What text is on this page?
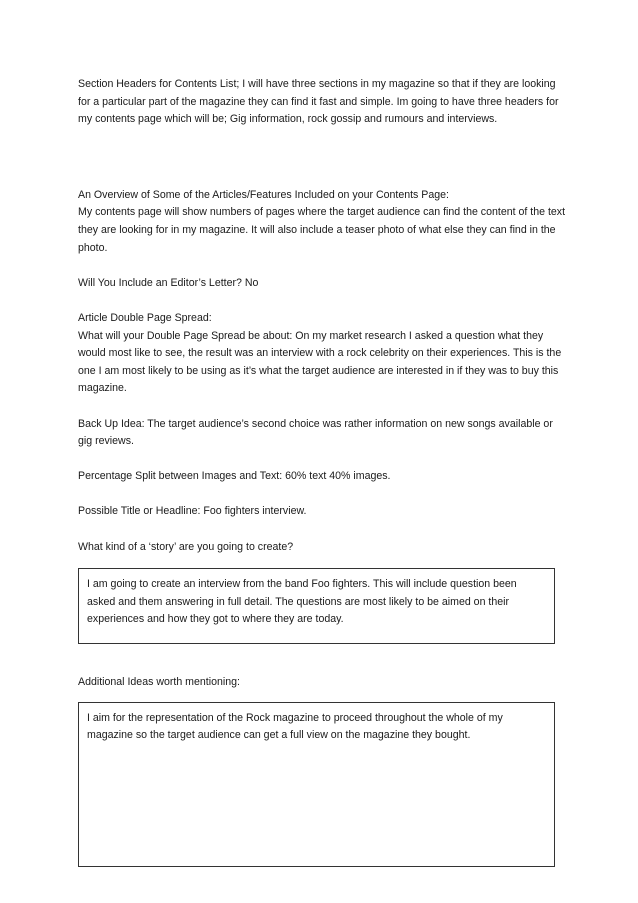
Section Headers for Contents List; I will have three sections in my magazine so that if they are looking for a particular part of the magazine they can find it fast and simple. Im going to have three headers for my contents page which will be; Gig information, rock gossip and rumours and interviews.

An Overview of Some of the Articles/Features Included on your Contents Page:

My contents page will show numbers of pages where the target audience can find the content of the text they are looking for in my magazine. It will also include a teaser photo of what else they can find in the photo.

Will You Include an Editor’s Letter? No

Article Double Page Spread:

What will your Double Page Spread be about: On my market research I asked a question what they would most like to see, the result was an interview with a rock celebrity on their experiences. This is the one I am most likely to be using as it’s what the target audience are interested in if they was to buy this magazine.

Back Up Idea: The target audience’s second choice was rather information on new songs available or gig reviews.

Percentage Split between Images and Text: 60% text 40% images.

Possible Title or Headline: Foo fighters interview.

What kind of a ‘story’ are you going to create?

I am going to create an interview from the band Foo fighters. This will include question been asked and them answering in full detail. The questions are most likely to be aimed on their experiences and how they got to where they are today.

Additional Ideas worth mentioning:

I aim for the representation of the Rock magazine to proceed throughout the whole of my magazine so the target audience can get a full view on the magazine they bought.
